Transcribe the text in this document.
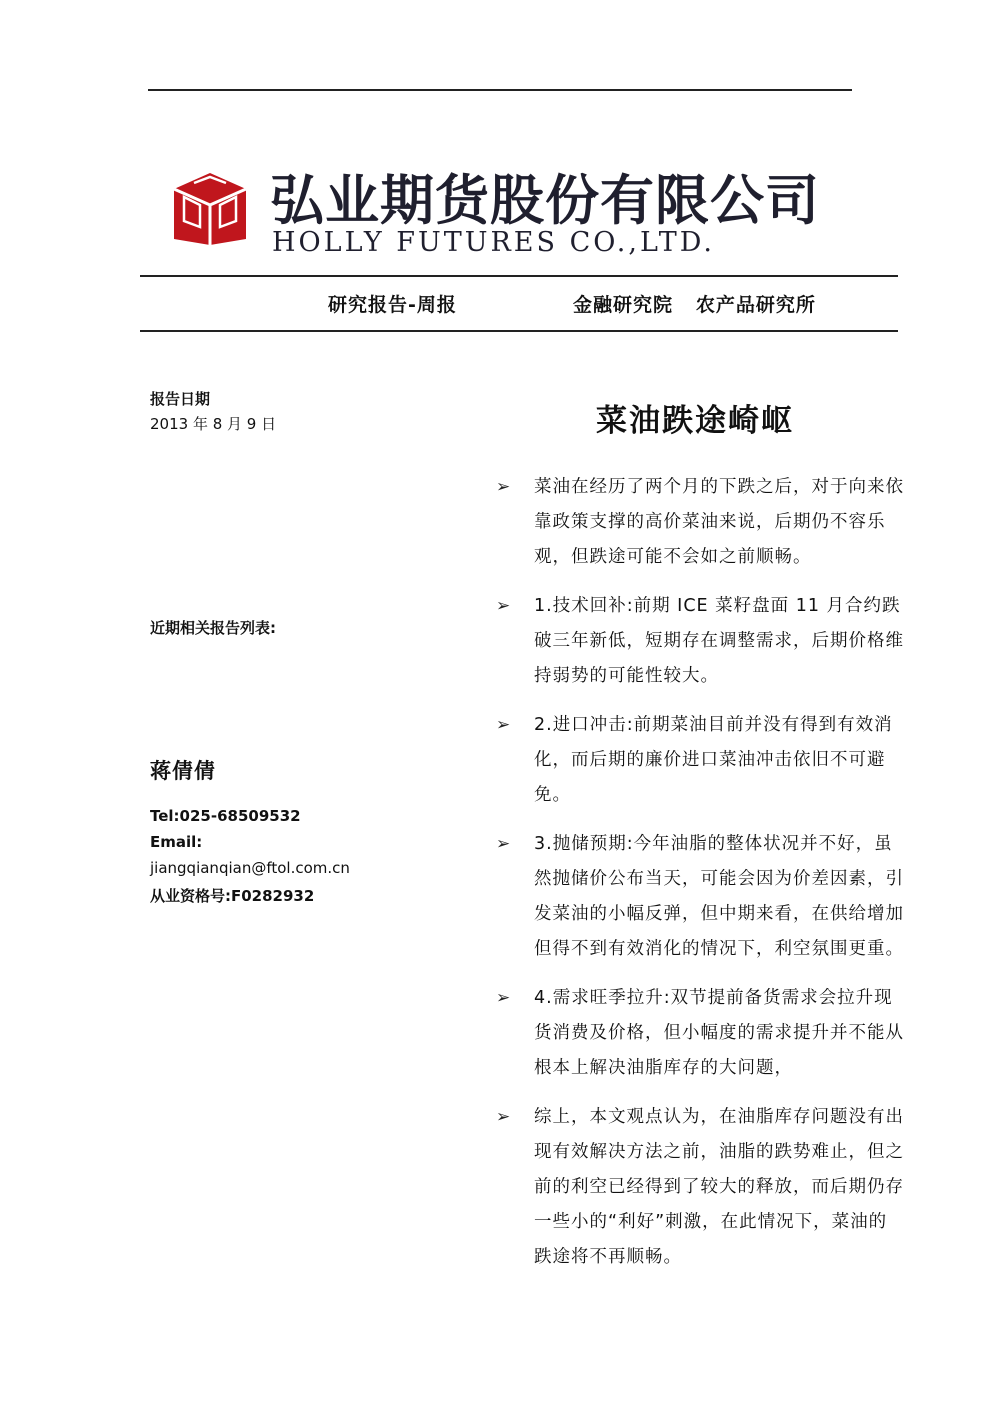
弘业期货股份有限公司
HOLLY FUTURES CO.,LTD.
研究报告-周报	金融研究院   农产品研究所
报告日期
2013 年 8 月 9 日
近期相关报告列表:
蒋倩倩
Tel:025-68509532
Email:
jiangqianqian@ftol.com.cn
从业资格号:F0282932
菜油跌途崎岖
➢ 菜油在经历了两个月的下跌之后，对于向来依靠政策支撑的高价菜油来说，后期仍不容乐观，但跌途可能不会如之前顺畅。
➢ 1.技术回补:前期 ICE 菜籽盘面 11 月合约跌破三年新低，短期存在调整需求，后期价格维持弱势的可能性较大。
➢ 2.进口冲击:前期菜油目前并没有得到有效消化，而后期的廉价进口菜油冲击依旧不可避免。
➢ 3.抛储预期:今年油脂的整体状况并不好，虽然抛储价公布当天，可能会因为价差因素，引发菜油的小幅反弹，但中期来看，在供给增加但得不到有效消化的情况下，利空氛围更重。
➢ 4.需求旺季拉升:双节提前备货需求会拉升现货消费及价格，但小幅度的需求提升并不能从根本上解决油脂库存的大问题，
➢ 综上，本文观点认为，在油脂库存问题没有出现有效解决方法之前，油脂的跌势难止，但之前的利空已经得到了较大的释放，而后期仍存一些小的“利好”刺激，在此情况下，菜油的跌途将不再顺畅。
